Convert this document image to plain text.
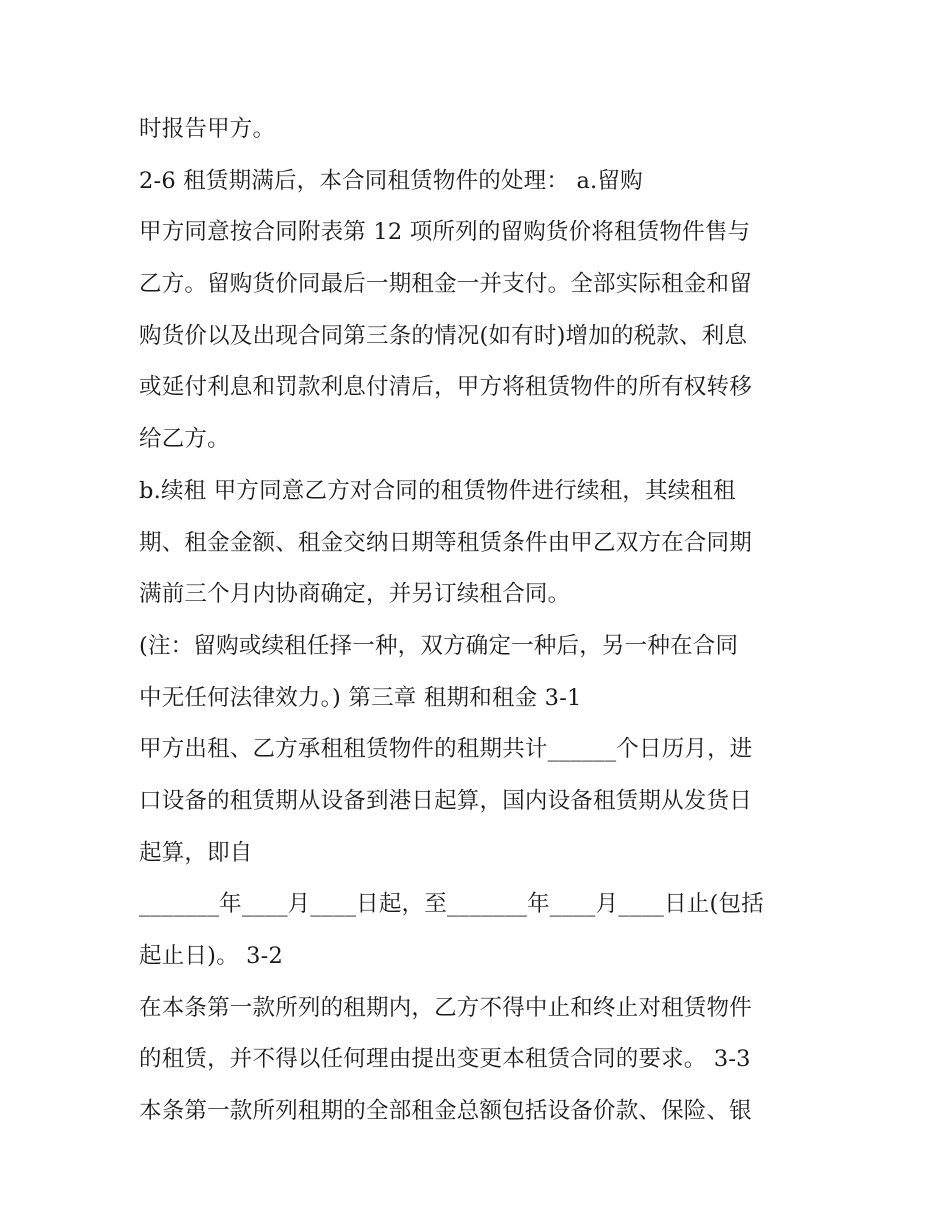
时报告甲方。
2-6 租赁期满后，本合同租赁物件的处理： a.留购
甲方同意按合同附表第 12 项所列的留购货价将租赁物件售与
乙方。留购货价同最后一期租金一并支付。全部实际租金和留
购货价以及出现合同第三条的情况(如有时)增加的税款、利息
或延付利息和罚款利息付清后，甲方将租赁物件的所有权转移
给乙方。
b.续租 甲方同意乙方对合同的租赁物件进行续租，其续租租
期、租金金额、租金交纳日期等租赁条件由甲乙双方在合同期
满前三个月内协商确定，并另订续租合同。
(注：留购或续租任择一种，双方确定一种后，另一种在合同
中无任何法律效力。) 第三章 租期和租金 3-1
甲方出租、乙方承租租赁物件的租期共计______个日历月，进
口设备的租赁期从设备到港日起算，国内设备租赁期从发货日
起算，即自
_______年____月____日起，至_______年____月____日止(包括
起止日)。 3-2
在本条第一款所列的租期内，乙方不得中止和终止对租赁物件
的租赁，并不得以任何理由提出变更本租赁合同的要求。 3-3
本条第一款所列租期的全部租金总额包括设备价款、保险、银
